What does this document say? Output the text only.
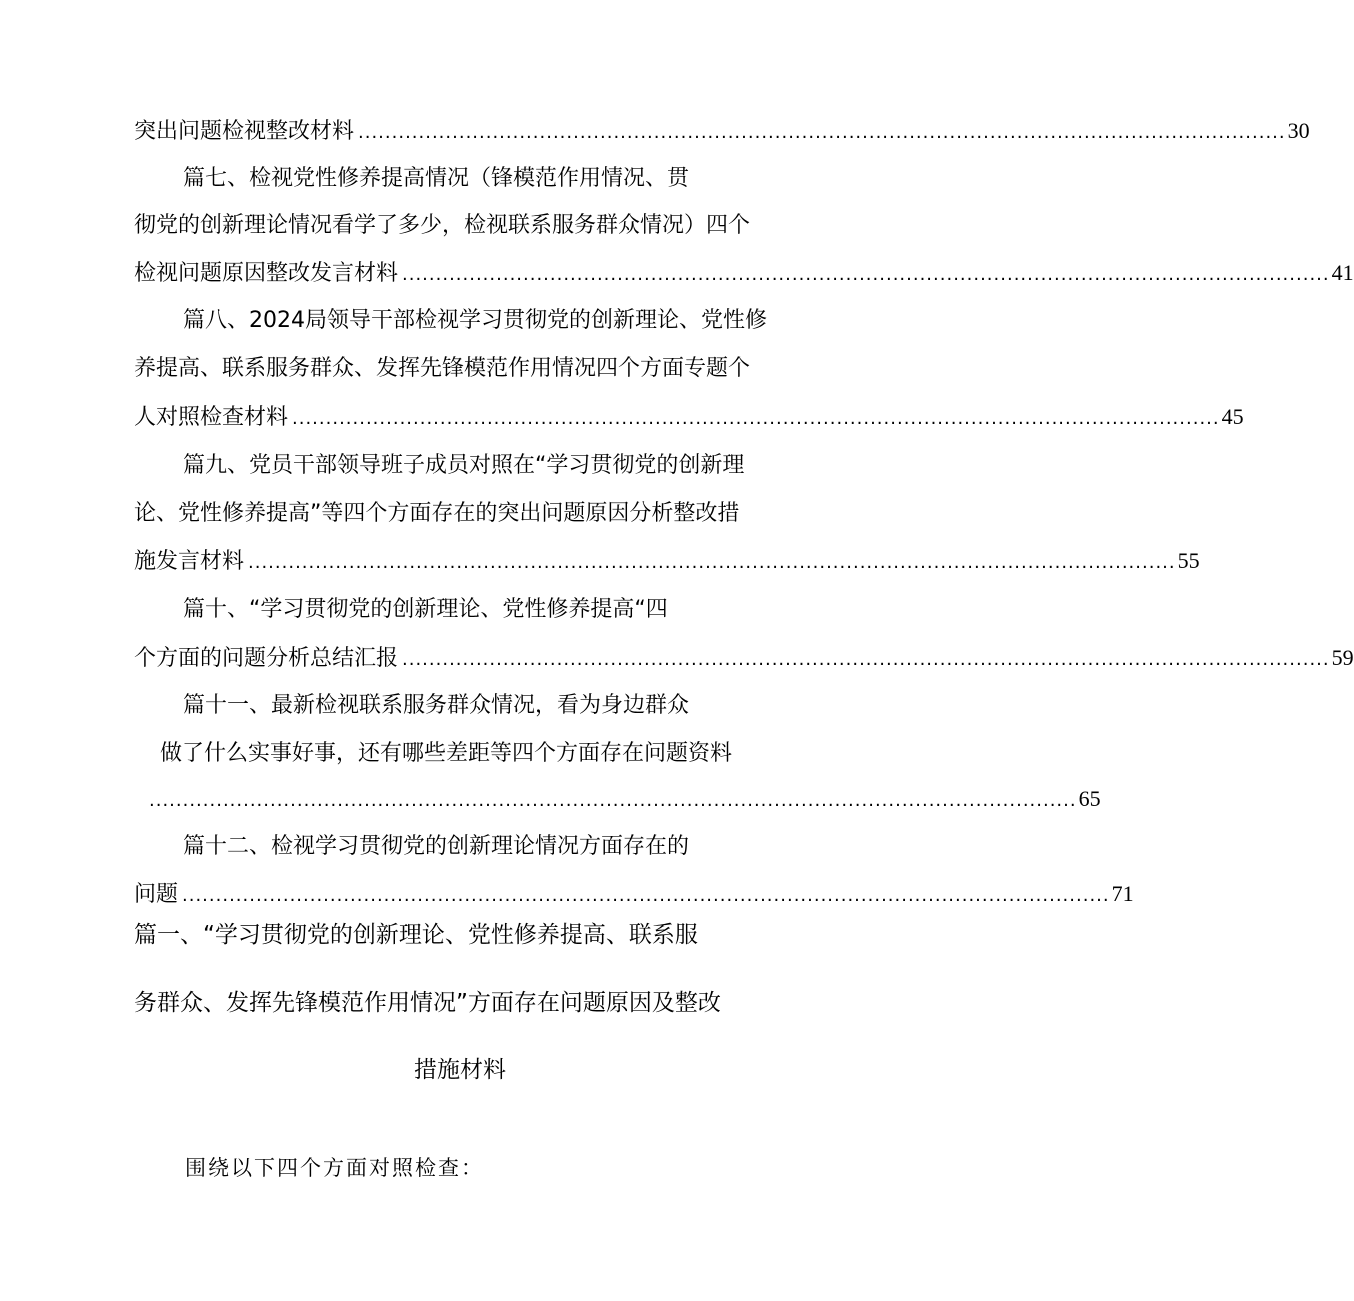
突出问题检视整改材料 .......................................................................................................................................... 30
篇七、检视党性修养提高情况（锋模范作用情况、贯
彻党的创新理论情况看学了多少，检视联系服务群众情况）四个
检视问题原因整改发言材料 .......................................................................................................................................... 41
篇八、2024局领导干部检视学习贯彻党的创新理论、党性修
养提高、联系服务群众、发挥先锋模范作用情况四个方面专题个
人对照检查材料 .......................................................................................................................................... 45
篇九、党员干部领导班子成员对照在“学习贯彻党的创新理
论、党性修养提高”等四个方面存在的突出问题原因分析整改措
施发言材料 .......................................................................................................................................... 55
篇十、“学习贯彻党的创新理论、党性修养提高“四
个方面的问题分析总结汇报 .......................................................................................................................................... 59
篇十一、最新检视联系服务群众情况，看为身边群众
做了什么实事好事，还有哪些差距等四个方面存在问题资料
.......................................................................................................................................... 65
篇十二、检视学习贯彻党的创新理论情况方面存在的
问题 .......................................................................................................................................... 71
篇一、“学习贯彻党的创新理论、党性修养提高、联系服
务群众、发挥先锋模范作用情况”方面存在问题原因及整改
措施材料
围绕以下四个方面对照检查：
